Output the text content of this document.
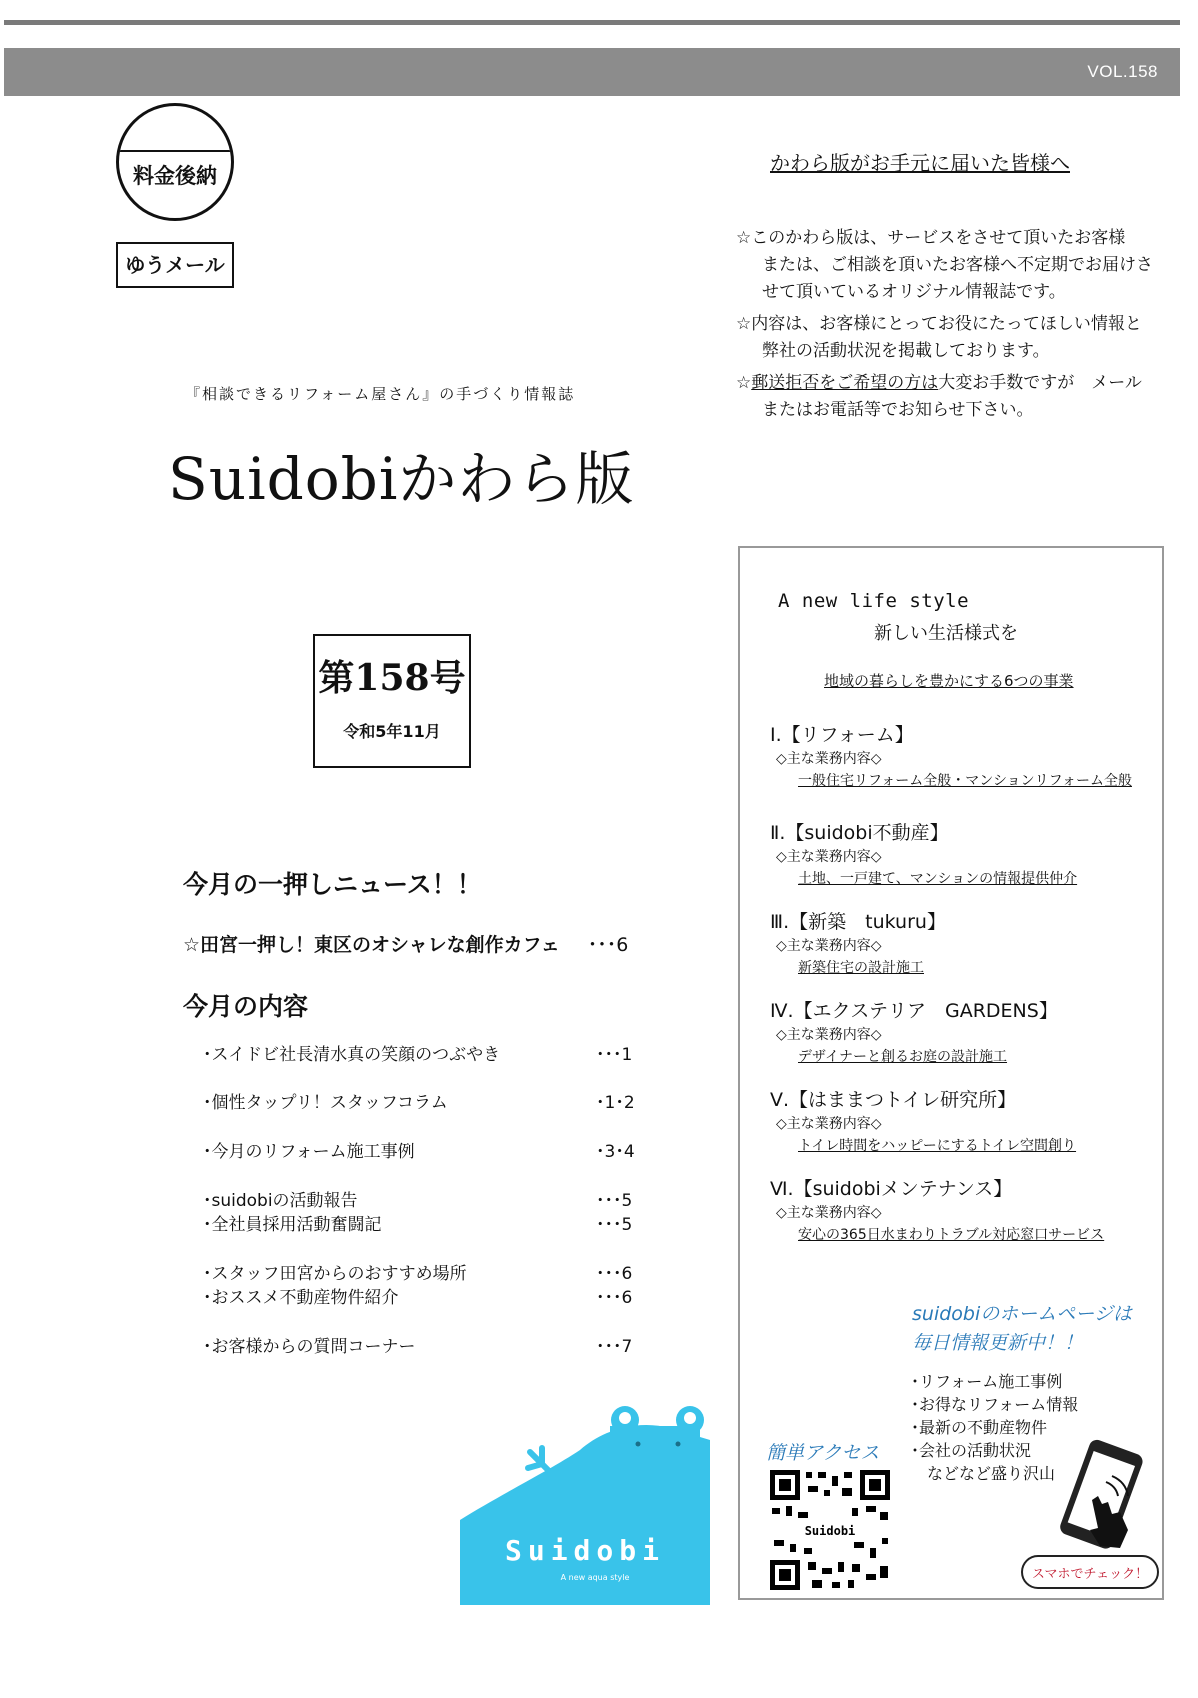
VOL.158
料金後納
ゆうメール
かわら版がお手元に届いた皆様へ

☆このかわら版は、サービスをさせて頂いたお客様　または、ご相談を頂いたお客様へ不定期でお届けさせて頂いているオリジナル情報誌です。

☆内容は、お客様にとってお役にたってほしい情報と弊社の活動状況を掲載しております。

☆郵送拒否をご希望の方は大変お手数ですが　メールまたはお電話等でお知らせ下さい。

『相談できるリフォーム屋さん』の手づくり情報誌
Suidobiかわら版
第158号
令和5年11月
今月の一押しニュース！！
☆田宮一押し！東区のオシャレな創作カフェ ･･･6
今月の内容
･スイドビ社長清水真の笑顔のつぶやき	･･･1
･個性タップリ！スタッフコラム	･1･2
･今月のリフォーム施工事例	･3･4
･suidobiの活動報告	･･･5
･全社員採用活動奮闘記	･･･5
･スタッフ田宮からのおすすめ場所	･･･6
･おススメ不動産物件紹介	･･･6
･お客様からの質問コーナー	･･･7
Suidobi
A new aqua style
A new life style
新しい生活様式を
地域の暮らしを豊かにする6つの事業
Ⅰ.【リフォーム】
◇主な業務内容◇
一般住宅リフォーム全般・マンションリフォーム全般
Ⅱ.【suidobi不動産】
◇主な業務内容◇
土地、一戸建て、マンションの情報提供仲介
Ⅲ.【新築　tukuru】
◇主な業務内容◇
新築住宅の設計施工
Ⅳ.【エクステリア　GARDENS】
◇主な業務内容◇
デザイナーと創るお庭の設計施工
Ⅴ.【はままつトイレ研究所】
◇主な業務内容◇
トイレ時間をハッピーにするトイレ空間創り
Ⅵ.【suidobiメンテナンス】
◇主な業務内容◇
安心の365日水まわりトラブル対応窓口サービス
suidobiのホームページは
毎日情報更新中！！
･リフォーム施工事例
･お得なリフォーム情報
･最新の不動産物件
･会社の活動状況
　などなど盛り沢山
簡単アクセス
Suidobi
スマホでチェック！
